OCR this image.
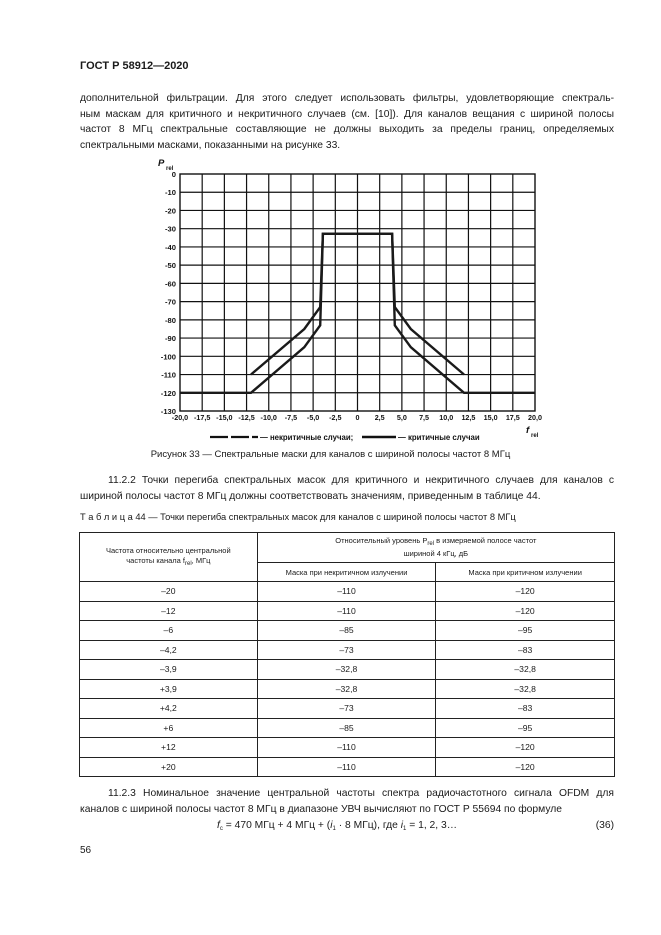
ГОСТ Р 58912—2020
дополнительной фильтрации. Для этого следует использовать фильтры, удовлетворяющие спектраль-
ным маскам для критичного и некритичного случаев (см. [10]). Для каналов вещания с шириной полосы
частот 8 МГц спектральные составляющие не должны выходить за пределы границ, определяемых
спектральными масками, показанными на рисунке 33.
-20,0 -17,5 -15,0 -12,5 -10,0 -7,5 -5,0 -2,5 0 2,5 5,0 7,5 10,0 12,5 15,0 17,5 20,0
0
-10
-20
-30
-40
-50
-60
-70
-80
-90
-100
-110
-120
-130
P rel
f rel
— некритичные случаи;	— критичные случаи
Рисунок 33 — Спектральные маски для каналов с шириной полосы частот 8 МГц
11.2.2 Точки перегиба спектральных масок для критичного и некритичного случаев для каналов с
шириной полосы частот 8 МГц должны соответствовать значениям, приведенным в таблице 44.
Т а б л и ц а 44 — Точки перегиба спектральных масок для каналов с шириной полосы частот 8 МГц
Частота относительно центральной
частоты канала $f_{rel}$, МГц	Относительный уровень $P_{rel}$ в измеряемой полосе частот
шириной 4 кГц, дБ	
	Маска при некритичном излучении	Маска при критичном излучении
–20	–110	–120
–12	–110	–120
–6	–85	–95
–4,2	–73	–83
–3,9	–32,8	–32,8
+3,9	–32,8	–32,8
+4,2	–73	–83
+6	–85	–95
+12	–110	–120
+20	–110	–120
11.2.3 Номинальное значение центральной частоты спектра радиочастотного сигнала OFDM для
каналов с шириной полосы частот 8 МГц в диапазоне УВЧ вычисляют по ГОСТ Р 55694 по формуле
$f_c = 470$ МГц + 4 МГц + ($i_1 \cdot 8$ МГц), где $i_1 = 1$, 2, 3…	(36)
56
